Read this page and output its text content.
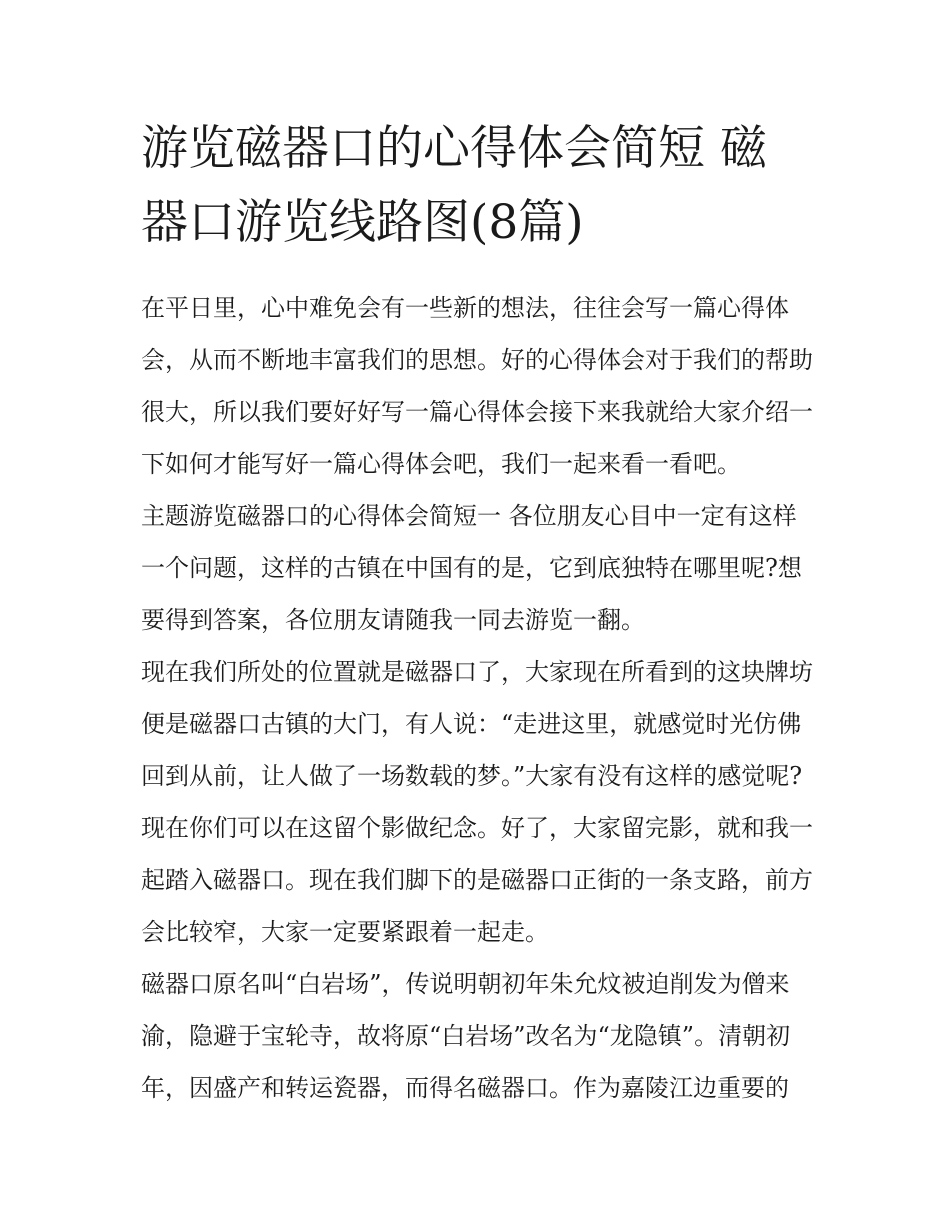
游览磁器口的心得体会简短 磁器口游览线路图(8篇)

在平日里，心中难免会有一些新的想法，往往会写一篇心得体会，从而不断地丰富我们的思想。好的心得体会对于我们的帮助很大，所以我们要好好写一篇心得体会接下来我就给大家介绍一下如何才能写好一篇心得体会吧，我们一起来看一看吧。

主题游览磁器口的心得体会简短一 各位朋友心目中一定有这样一个问题，这样的古镇在中国有的是，它到底独特在哪里呢?想要得到答案，各位朋友请随我一同去游览一翻。

现在我们所处的位置就是磁器口了，大家现在所看到的这块牌坊便是磁器口古镇的大门，有人说：“走进这里，就感觉时光仿佛回到从前，让人做了一场数载的梦。”大家有没有这样的感觉呢?现在你们可以在这留个影做纪念。好了，大家留完影，就和我一起踏入磁器口。现在我们脚下的是磁器口正街的一条支路，前方会比较窄，大家一定要紧跟着一起走。

磁器口原名叫“白岩场”，传说明朝初年朱允炆被迫削发为僧来渝，隐避于宝轮寺，故将原“白岩场”改名为“龙隐镇”。清朝初年，因盛产和转运瓷器，而得名磁器口。作为嘉陵江边重要的
